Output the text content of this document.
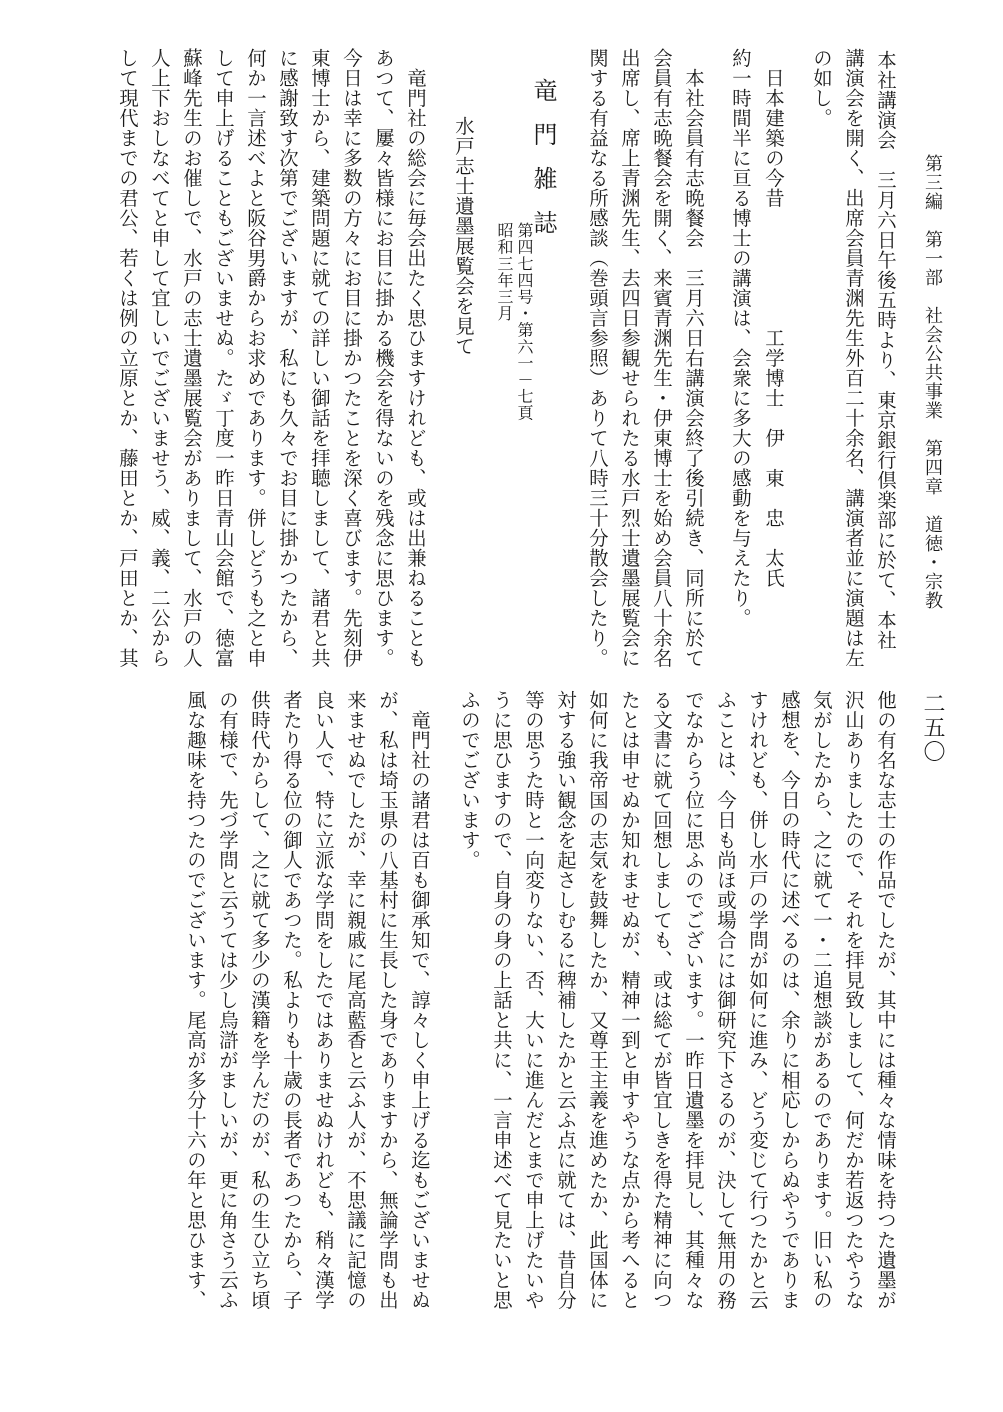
第三編　第一部　社会公共事業　第四章　道徳・宗教
二五〇
本社講演会　三月六日午後五時より、東京銀行倶楽部に於て、本社
講演会を開く、出席会員青渊先生外百二十余名、講演者並に演題は左
の如し。
日本建築の今昔　　　　　　工学博士　伊　東　忠　太氏
約一時間半に亘る博士の講演は、会衆に多大の感動を与えたり。
本社会員有志晩餐会　三月六日右講演会終了後引続き、同所に於て
会員有志晩餐会を開く、来賓青渊先生・伊東博士を始め会員八十余名
出席し、席上青渊先生、去四日参観せられたる水戸烈士遺墨展覧会に
関する有益なる所感談（巻頭言参照）ありて八時三十分散会したり。
竜門雑誌
第四七四号・第六一－七頁
昭和三年三月
水戸志士遺墨展覧会を見て
竜門社の総会に毎会出たく思ひますけれども、或は出兼ねることも
あつて、屢々皆様にお目に掛かる機会を得ないのを残念に思ひます。
今日は幸に多数の方々にお目に掛かつたことを深く喜びます。先刻伊
東博士から、建築問題に就ての詳しい御話を拝聴しまして、諸君と共
に感謝致す次第でございますが、私にも久々でお目に掛かつたから、
何か一言述べよと阪谷男爵からお求めであります。併しどうも之と申
して申上げることもございませぬ。たゞ丁度一昨日青山会館で、徳富
蘇峰先生のお催しで、水戸の志士遺墨展覧会がありまして、水戸の人
人上下おしなべてと申して宜しいでございませう、威、義、二公から
して現代までの君公、若くは例の立原とか、藤田とか、戸田とか、其
他の有名な志士の作品でしたが、其中には種々な情味を持つた遺墨が
沢山ありましたので、それを拝見致しまして、何だか若返つたやうな
気がしたから、之に就て一・二追想談があるのであります。旧い私の
感想を、今日の時代に述べるのは、余りに相応しからぬやうでありま
すけれども、併し水戸の学問が如何に進み、どう変じて行つたかと云
ふことは、今日も尚ほ或場合には御研究下さるのが、決して無用の務
でなからう位に思ふのでございます。一昨日遺墨を拝見し、其種々な
る文書に就て回想しましても、或は総てが皆宜しきを得た精神に向つ
たとは申せぬか知れませぬが、精神一到と申すやうな点から考へると
如何に我帝国の志気を鼓舞したか、又尊王主義を進めたか、此国体に
対する強い観念を起さしむるに稗補したかと云ふ点に就ては、昔自分
等の思うた時と一向変りない、否、大いに進んだとまで申上げたいや
うに思ひますので、自身の身の上話と共に、一言申述べて見たいと思
ふのでございます。
竜門社の諸君は百も御承知で、諄々しく申上げる迄もございませぬ
が、私は埼玉県の八基村に生長した身でありますから、無論学問も出
来ませぬでしたが、幸に親戚に尾高藍香と云ふ人が、不思議に記憶の
良い人で、特に立派な学問をしたではありませぬけれども、稍々漢学
者たり得る位の御人であつた。私よりも十歳の長者であつたから、子
供時代からして、之に就て多少の漢籍を学んだのが、私の生ひ立ち頃
の有様で、先づ学問と云うては少し烏滸がましいが、更に角さう云ふ
風な趣味を持つたのでございます。尾高が多分十六の年と思ひます、
